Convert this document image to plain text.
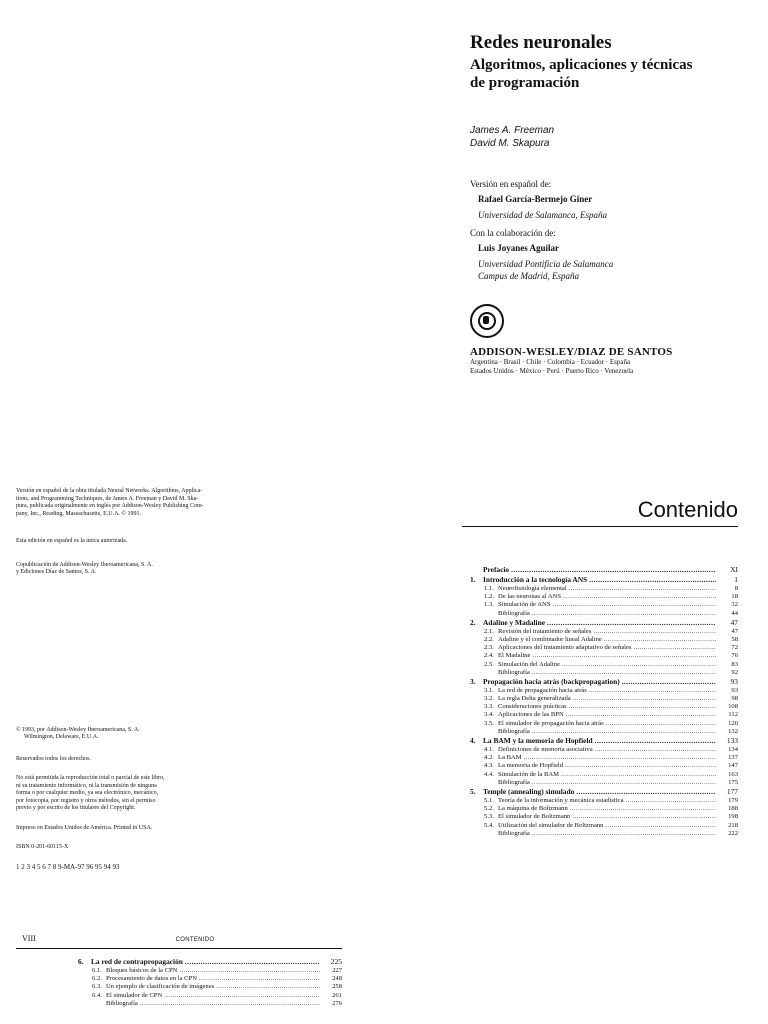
Redes neuronales

Algoritmos, aplicaciones y técnicas

de programación

James A. Freeman
David M. Skapura
Versión en español de:
Rafael García-Bermejo Giner
Universidad de Salamanca, España
Con la colaboración de:
Luis Joyanes Aguilar
Universidad Pontificia de Salamanca
Campus de Madrid, España
ADDISON-WESLEY/DIAZ DE SANTOS
Argentina · Brasil · Chile · Colombia · Ecuador · España
Estados Unidos · México · Perú · Puerto Rico · Venezuela

Versión en español de la obra titulada Neural Networks. Algorithms, Applica-

tions, and Programming Techniques, de James A. Freeman y David M. Ska-

pura, publicada originalmente en inglés por Addison-Wesley Publishing Com-

pany, Inc., Reading, Massachusetts, E.U.A. © 1991.

Esta edición en español es la única autorizada.

Copublicación de Addison-Wesley Iberoamericana, S. A.

y Ediciones Díaz de Santos, S. A.

© 1993, por Addison-Wesley Iberoamericana, S. A.

Wilmington, Delaware, E.U.A.

Reservados todos los derechos.

No está permitida la reproducción total o parcial de este libro,

ni su tratamiento informático, ni la transmisión de ninguna

forma o por cualquier medio, ya sea electrónico, mecánico,

por fotocopia, por registro y otros métodos, sin el permiso

previo y por escrito de los titulares del Copyright.

Impreso en Estados Unidos de América. Printed in USA.

ISBN 0-201-60115-X

1 2 3 4 5 6 7 8 9-MA-97 96 95 94 93

Contenido
Prefacio .....	XI
1. Introducción a la tecnología ANS .....	1
1.1. Neurofisiología elemental .....	8
1.2. De las neuronas al ANS .....	18
1.3. Simulación de ANS .....	32
Bibliografía .....	44
2. Adaline y Madaline .....	47
2.1. Revisión del tratamiento de señales .....	47
2.2. Adaline y el combinador lineal Adaline .....	58
2.3. Aplicaciones del tratamiento adaptativo de señales .....	72
2.4. El Madaline .....	76
2.5. Simulación del Adaline .....	83
Bibliografía .....	92
3. Propagación hacia atrás (backpropagation) .....	93
3.1. La red de propagación hacia atrás .....	93
3.2. La regla Delta generalizada .....	98
3.3. Consideraciones prácticas .....	108
3.4. Aplicaciones de las BPN .....	112
3.5. El simulador de propagación hacia atrás .....	120
Bibliografía .....	132
4. La BAM y la memoria de Hopfield .....	133
4.1. Definiciones de memoria asociativa .....	134
4.2. La BAM .....	137
4.3. La memoria de Hopfield .....	147
4.4. Simulación de la BAM .....	163
Bibliografía .....	175
5. Temple (annealing) simulado .....	177
5.1. Teoría de la información y mecánica estadística .....	179
5.2. La máquina de Boltzmann .....	188
5.3. El simulador de Boltzmann .....	198
5.4. Utilización del simulador de Boltzmann .....	218
Bibliografía .....	222
VIII	CONTENIDO
6. La red de contrapropagación .....	225
6.1. Bloques básicos de la CPN .....	227
6.2. Procesamiento de datos en la CPN .....	248
6.3. Un ejemplo de clasificación de imágenes .....	258
6.4. El simulador de CPN .....	261
Bibliografía .....	276
